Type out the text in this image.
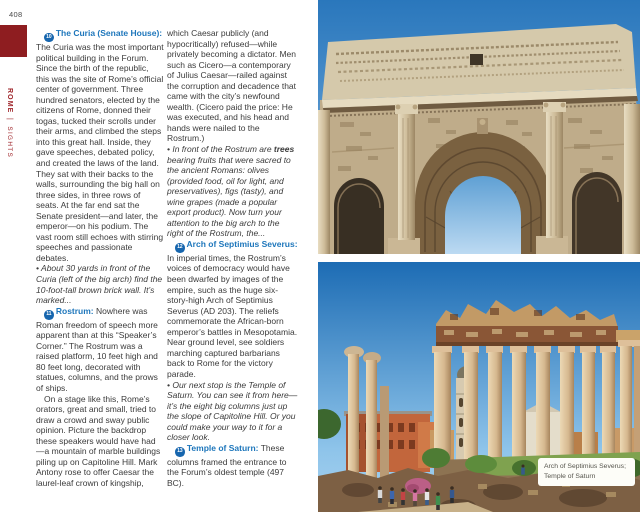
408
ROME | SIGHTS

10 The Curia (Senate House): The Curia was the most important political building in the Forum. Since the birth of the republic, this was the site of Rome’s official center of government. Three hundred senators, elected by the citizens of Rome, donned their togas, tucked their scrolls under their arms, and climbed the steps into this great hall. Inside, they gave speeches, debated policy, and created the laws of the land. They sat with their backs to the walls, surrounding the big hall on three sides, in three rows of seats. At the far end sat the Senate president—and later, the emperor—on his podium. The vast room still echoes with stirring speeches and passionate debates.

• About 30 yards in front of the Curia (left of the big arch) find the 10-foot-tall brown brick wall. It’s marked...

11 Rostrum: Nowhere was Roman freedom of speech more apparent than at this “Speaker’s Corner.” The Rostrum was a raised platform, 10 feet high and 80 feet long, decorated with statues, columns, and the prows of ships.

On a stage like this, Rome’s orators, great and small, tried to draw a crowd and sway public opinion. Picture the backdrop these speakers would have had—a mountain of marble buildings piling up on Capitoline Hill. Mark Antony rose to offer Caesar the laurel-leaf crown of kingship,

which Caesar publicly (and hypocritically) refused—while privately becoming a dictator. Men such as Cicero—a contemporary of Julius Caesar—railed against the corruption and decadence that came with the city’s newfound wealth. (Cicero paid the price: He was executed, and his head and hands were nailed to the Rostrum.)

• In front of the Rostrum are trees bearing fruits that were sacred to the ancient Romans: olives (provided food, oil for light, and preservatives), figs (tasty), and wine grapes (made a popular export product). Now turn your attention to the big arch to the right of the Rostrum, the...

12 Arch of Septimius Severus: In imperial times, the Rostrum’s voices of democracy would have been dwarfed by images of the empire, such as the huge six-story-high Arch of Septimius Severus (AD 203). The reliefs commemorate the African-born emperor’s battles in Mesopotamia. Near ground level, see soldiers marching captured barbarians back to Rome for the victory parade.

• Our next stop is the Temple of Saturn. You can see it from here—it’s the eight big columns just up the slope of Capitoline Hill. Or you could make your way to it for a closer look.

13 Temple of Saturn: These columns framed the entrance to the Forum’s oldest temple (497 BC).

Arch of Septimius Severus;
Temple of Saturn
